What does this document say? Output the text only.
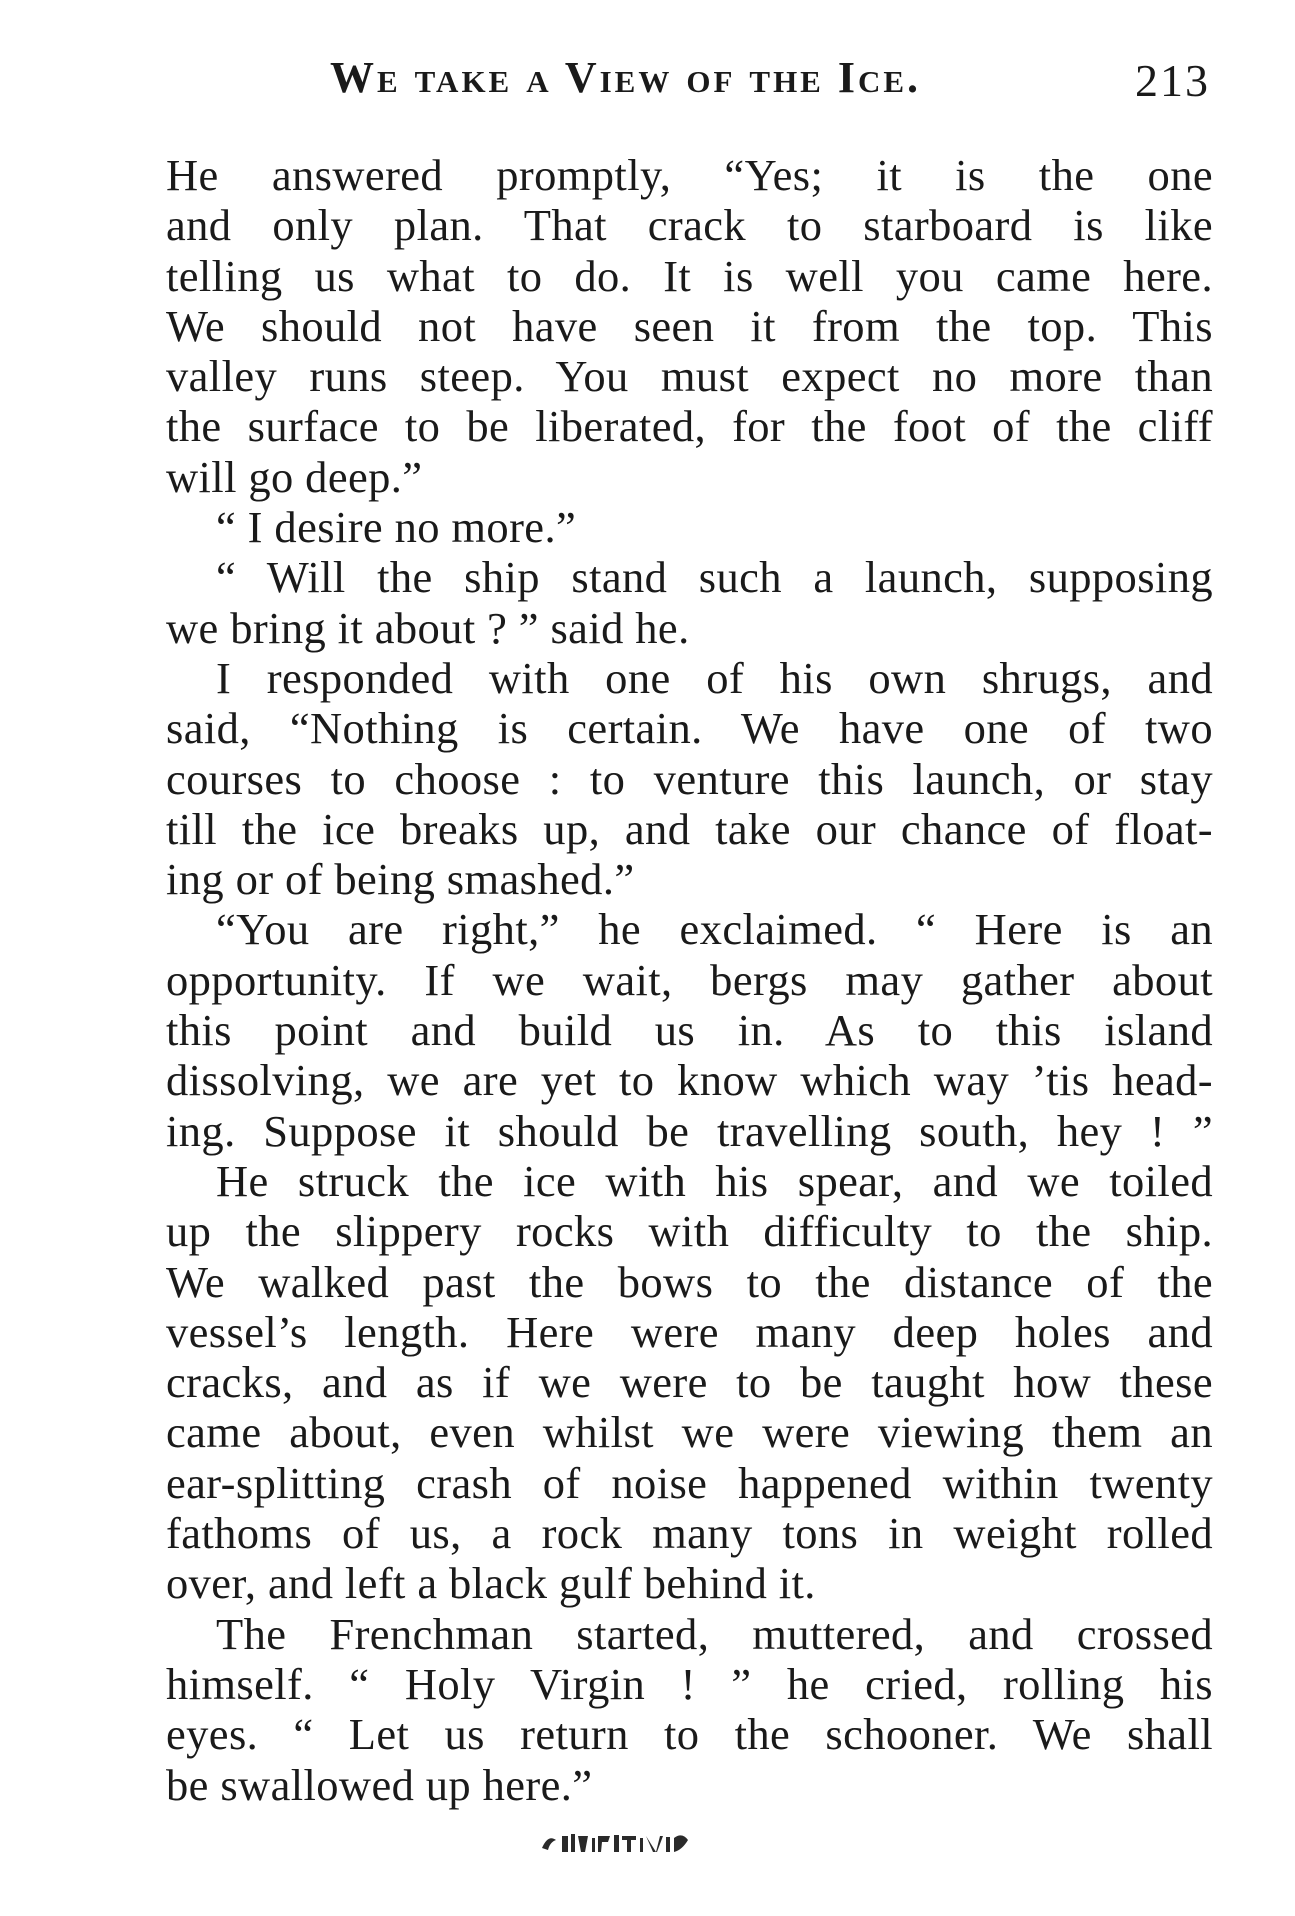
We take a View of the Ice.	213
He answered promptly, “Yes; it is the one
and only plan. That crack to starboard is like
telling us what to do. It is well you came here.
We should not have seen it from the top. This
valley runs steep. You must expect no more than
the surface to be liberated, for the foot of the cliff
will go deep.”
“ I desire no more.”
“ Will the ship stand such a launch, supposing
we bring it about ? ” said he.
I responded with one of his own shrugs, and
said, “Nothing is certain. We have one of two
courses to choose : to venture this launch, or stay
till the ice breaks up, and take our chance of float-
ing or of being smashed.”
“You are right,” he exclaimed. “ Here is an
opportunity. If we wait, bergs may gather about
this point and build us in. As to this island
dissolving, we are yet to know which way ’tis head-
ing. Suppose it should be travelling south, hey ! ”
He struck the ice with his spear, and we toiled
up the slippery rocks with difficulty to the ship.
We walked past the bows to the distance of the
vessel’s length. Here were many deep holes and
cracks, and as if we were to be taught how these
came about, even whilst we were viewing them an
ear-splitting crash of noise happened within twenty
fathoms of us, a rock many tons in weight rolled
over, and left a black gulf behind it.
The Frenchman started, muttered, and crossed
himself. “ Holy Virgin ! ” he cried, rolling his
eyes. “ Let us return to the schooner. We shall
be swallowed up here.”
